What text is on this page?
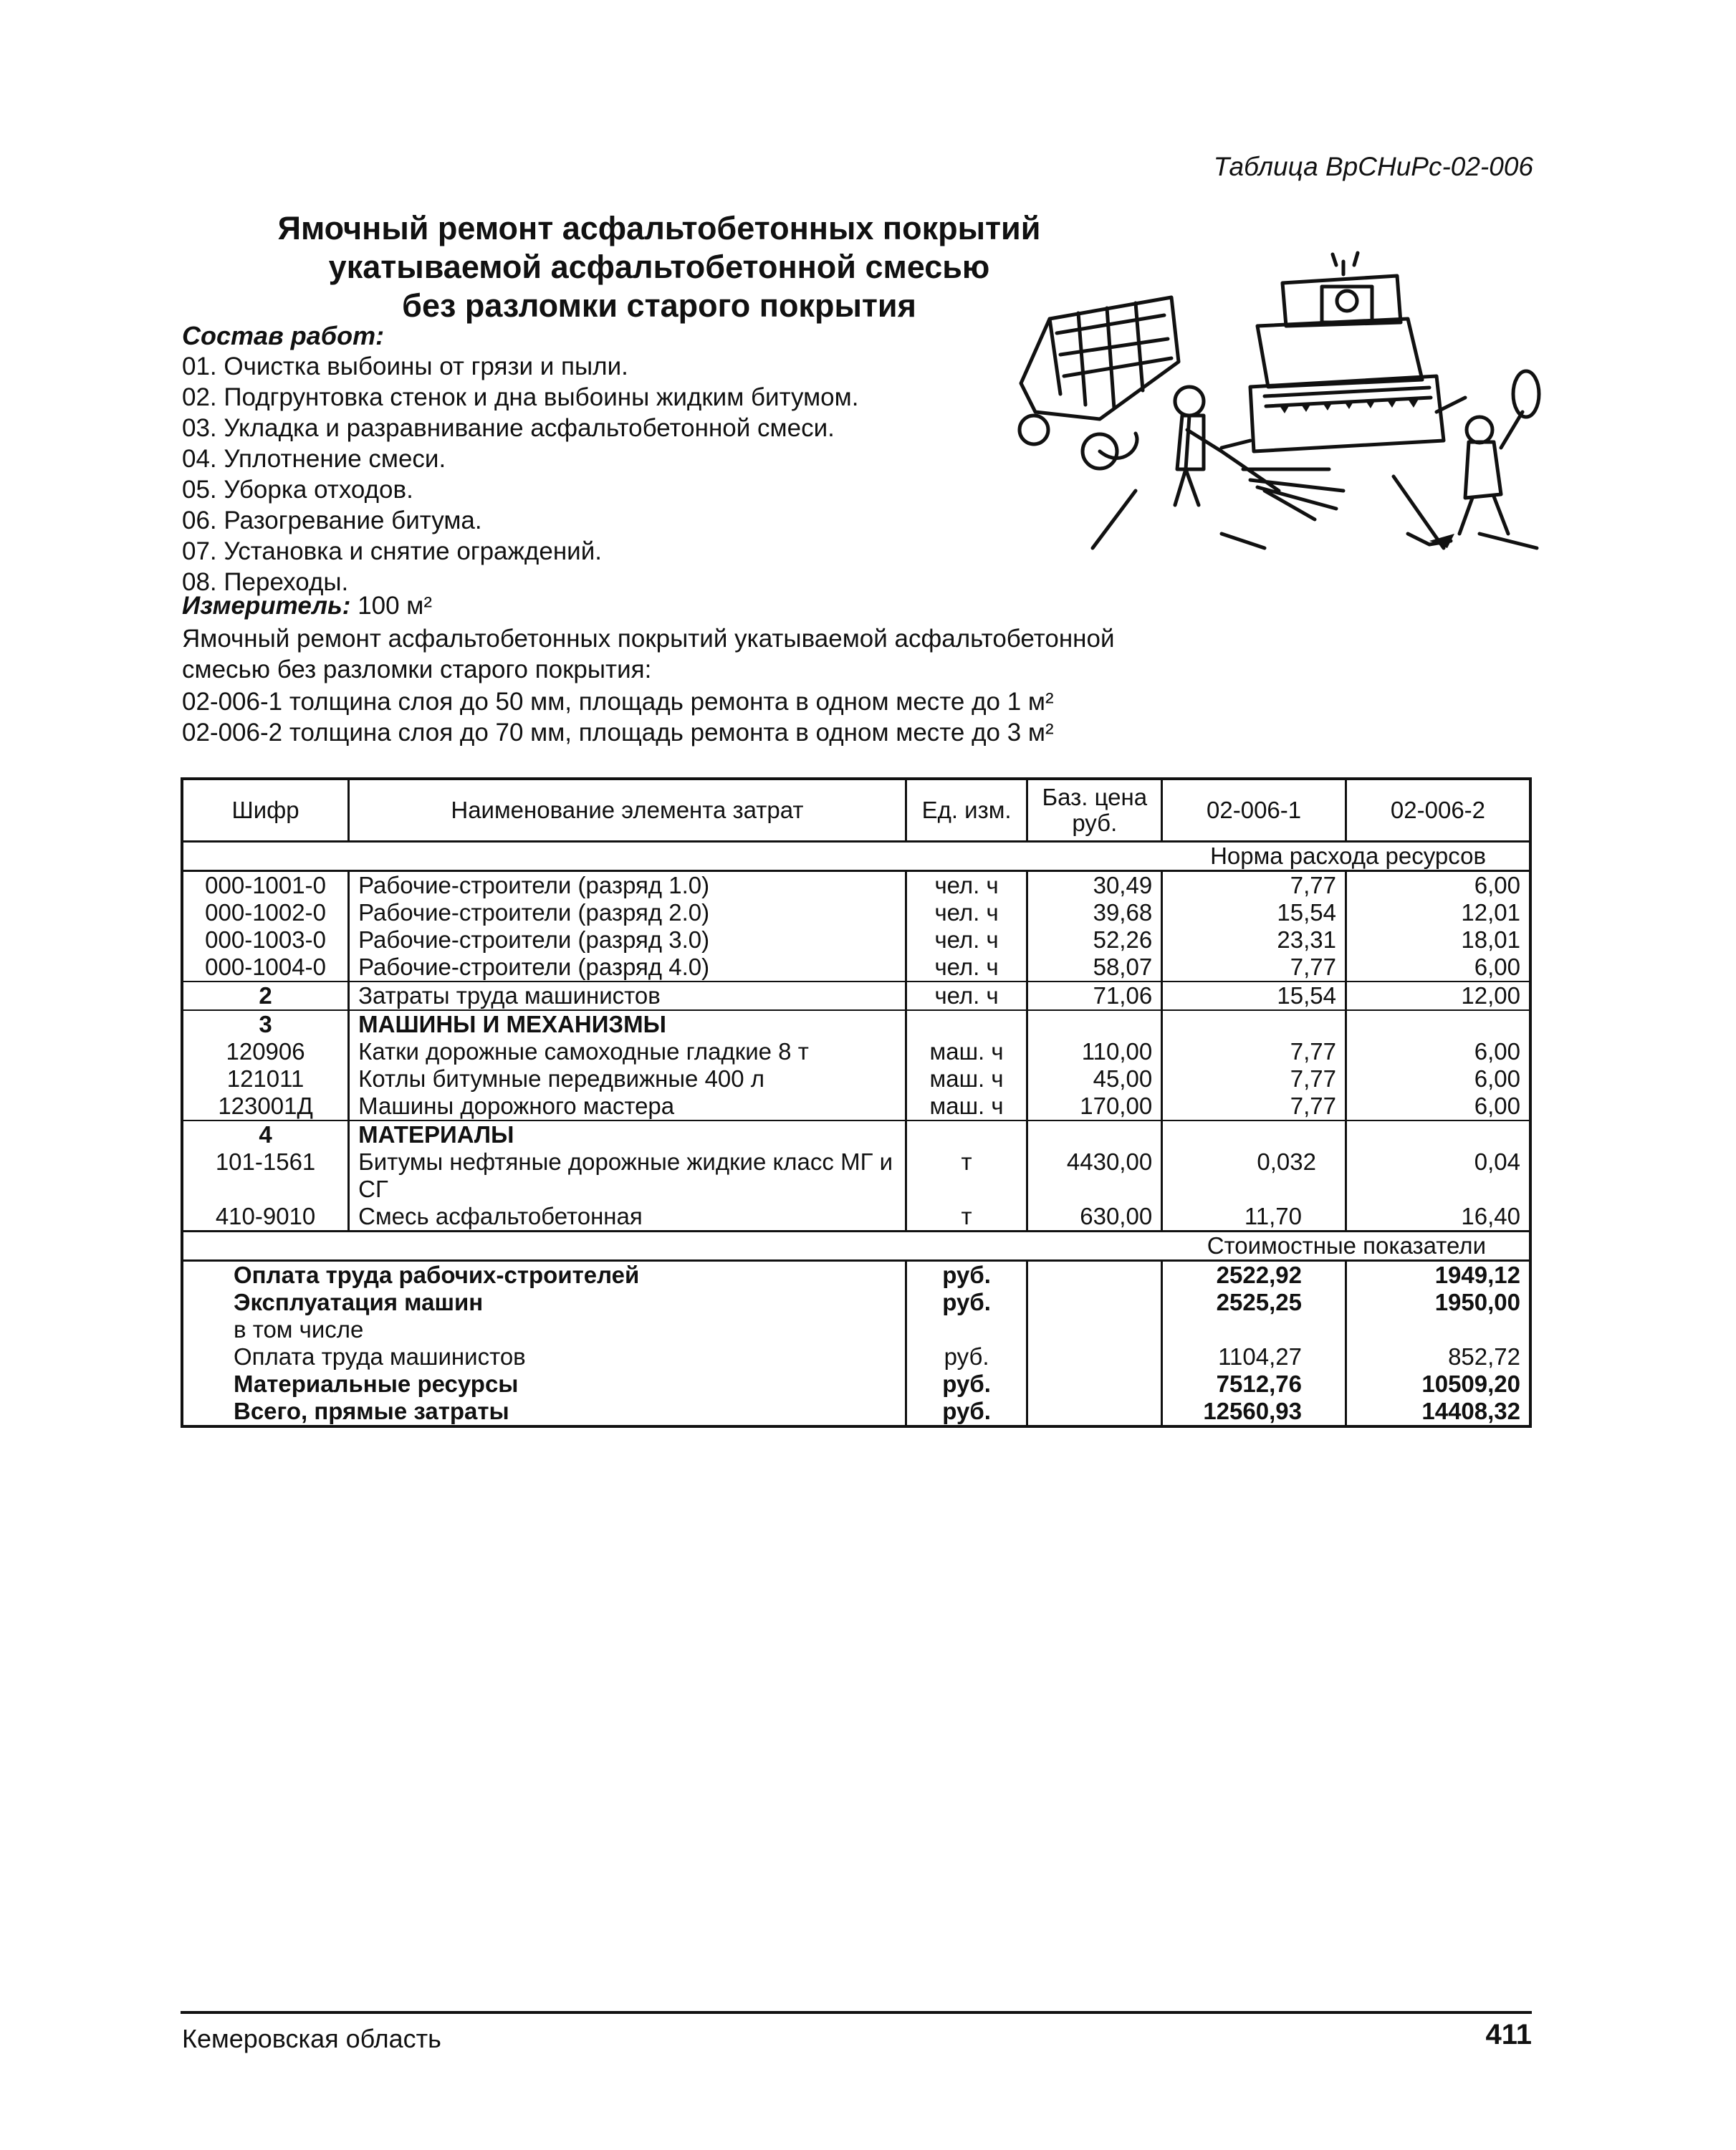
Таблица ВрСНиРс-02-006
Ямочный ремонт асфальтобетонных покрытий
укатываемой асфальтобетонной смесью
без разломки старого покрытия
Состав работ:
01. Очистка выбоины от грязи и пыли.
02. Подгрунтовка стенок и дна выбоины жидким битумом.
03. Укладка и разравнивание асфальтобетонной смеси.
04. Уплотнение смеси.
05. Уборка отходов.
06. Разогревание битума.
07. Установка и снятие ограждений.
08. Переходы.
Измеритель: 100 м²
Ямочный ремонт асфальтобетонных покрытий укатываемой асфальтобетонной смесью без разломки старого покрытия:
02-006-1 толщина слоя до 50 мм, площадь ремонта в одном месте до 1 м²
02-006-2 толщина слоя до 70 мм, площадь ремонта в одном месте до 3 м²
Шифр	Наименование элемента затрат	Ед. изм.	Баз. цена руб.	02-006-1	02-006-2
Норма расхода ресурсов					
000-1001-0	Рабочие-строители (разряд 1.0)	чел. ч	30,49	7,77	6,00
000-1002-0	Рабочие-строители (разряд 2.0)	чел. ч	39,68	15,54	12,01
000-1003-0	Рабочие-строители (разряд 3.0)	чел. ч	52,26	23,31	18,01
000-1004-0	Рабочие-строители (разряд 4.0)	чел. ч	58,07	7,77	6,00
2	Затраты труда машинистов	чел. ч	71,06	15,54	12,00
3	МАШИНЫ И МЕХАНИЗМЫ				
120906	Катки дорожные самоходные гладкие 8 т	маш. ч	110,00	7,77	6,00
121011	Котлы битумные передвижные 400 л	маш. ч	45,00	7,77	6,00
123001Д	Машины дорожного мастера	маш. ч	170,00	7,77	6,00
4	МАТЕРИАЛЫ				
101-1561	Битумы нефтяные дорожные жидкие класс МГ и СГ	т	4430,00	0,032	0,04
410-9010	Смесь асфальтобетонная	т	630,00	11,70	16,40
Стоимостные показатели					
Оплата труда рабочих-строителей		руб.		2522,92	1949,12
Эксплуатация машин		руб.		2525,25	1950,00
в том числе					
Оплата труда машинистов		руб.		1104,27	852,72
Материальные ресурсы		руб.		7512,76	10509,20
Всего, прямые затраты		руб.		12560,93	14408,32
Кемеровская область	411
